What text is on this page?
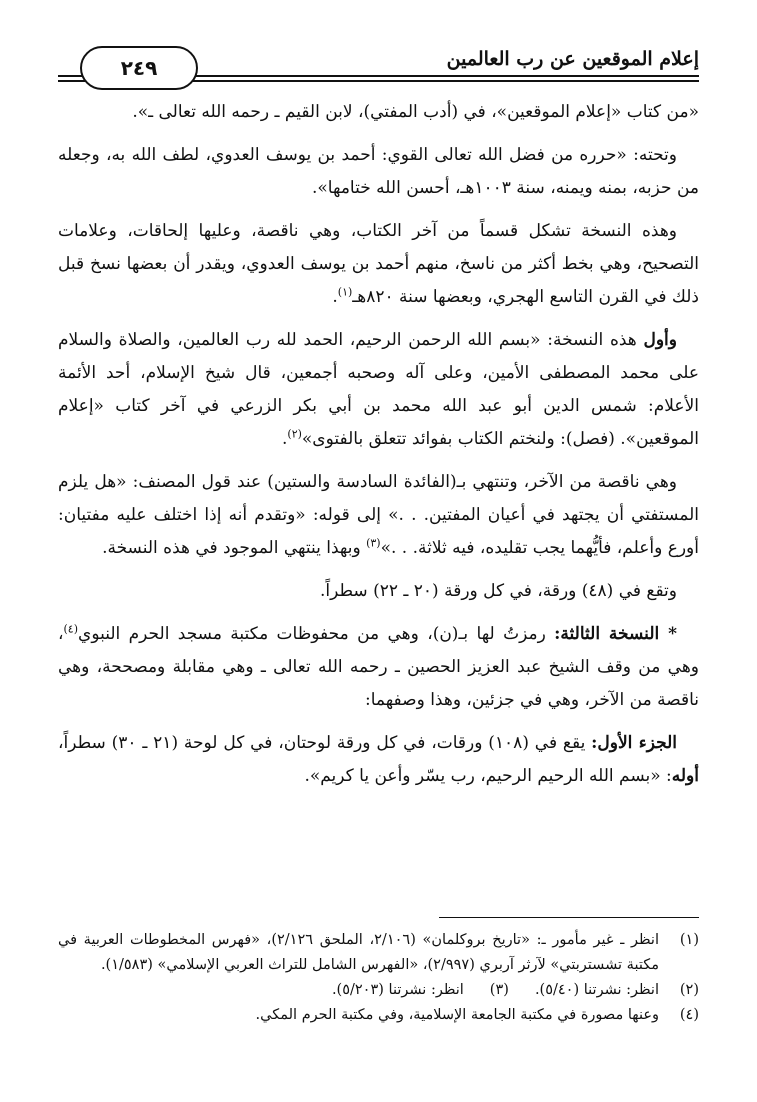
إعلام الموقعين عن رب العالمين
٢٤٩

«من كتاب «إعلام الموقعين»، في (أدب المفتي)، لابن القيم ـ رحمه الله تعالى ـ».

وتحته: «حرره من فضل الله تعالى القوي: أحمد بن يوسف العدوي، لطف الله به، وجعله من حزبه، بمنه ويمنه، سنة ١٠٠٣هـ، أحسن الله ختامها».

وهذه النسخة تشكل قسماً من آخر الكتاب، وهي ناقصة، وعليها إلحاقات، وعلامات التصحيح، وهي بخط أكثر من ناسخ، منهم أحمد بن يوسف العدوي، ويقدر أن بعضها نسخ قبل ذلك في القرن التاسع الهجري، وبعضها سنة ٨٢٠هـ$^{(١)}$.

وأول هذه النسخة: «بسم الله الرحمن الرحيم، الحمد لله رب العالمين، والصلاة والسلام على محمد المصطفى الأمين، وعلى آله وصحبه أجمعين، قال شيخ الإسلام، أحد الأئمة الأعلام: شمس الدين أبو عبد الله محمد بن أبي بكر الزرعي في آخر كتاب «إعلام الموقعين». (فصل): ولنختم الكتاب بفوائد تتعلق بالفتوى»$^{(٢)}$.

وهي ناقصة من الآخر، وتنتهي بـ(الفائدة السادسة والستين) عند قول المصنف: «هل يلزم المستفتي أن يجتهد في أعيان المفتين. . .» إلى قوله: «وتقدم أنه إذا اختلف عليه مفتيان: أورع وأعلم، فأيُّهما يجب تقليده، فيه ثلاثة. . .»$^{(٣)}$ وبهذا ينتهي الموجود في هذه النسخة.

وتقع في (٤٨) ورقة، في كل ورقة (٢٠ ـ ٢٢) سطراً.

* النسخة الثالثة: رمزتُ لها بـ(ن)، وهي من محفوظات مكتبة مسجد الحرم النبوي$^{(٤)}$، وهي من وقف الشيخ عبد العزيز الحصين ـ رحمه الله تعالى ـ وهي مقابلة ومصححة، وهي ناقصة من الآخر، وهي في جزئين، وهذا وصفهما:

الجزء الأول: يقع في (١٠٨) ورقات، في كل ورقة لوحتان، في كل لوحة (٢١ ـ ٣٠) سطراً، أوله: «بسم الله الرحيم الرحيم، رب يسّر وأعن يا كريم».

(١)
انظر ـ غير مأمور ـ: «تاريخ بروكلمان» (٢/١٠٦، الملحق ٢/١٢٦)، «فهرس المخطوطات العربية في مكتبة تشستربتي» لآرثر آربري (٢/٩٩٧)، «الفهرس الشامل للتراث العربي الإسلامي» (١/٥٨٣).
(٢)
انظر: نشرتنا (٥/٤٠).
(٣)
انظر: نشرتنا (٥/٢٠٣).
(٤)
وعنها مصورة في مكتبة الجامعة الإسلامية، وفي مكتبة الحرم المكي.
